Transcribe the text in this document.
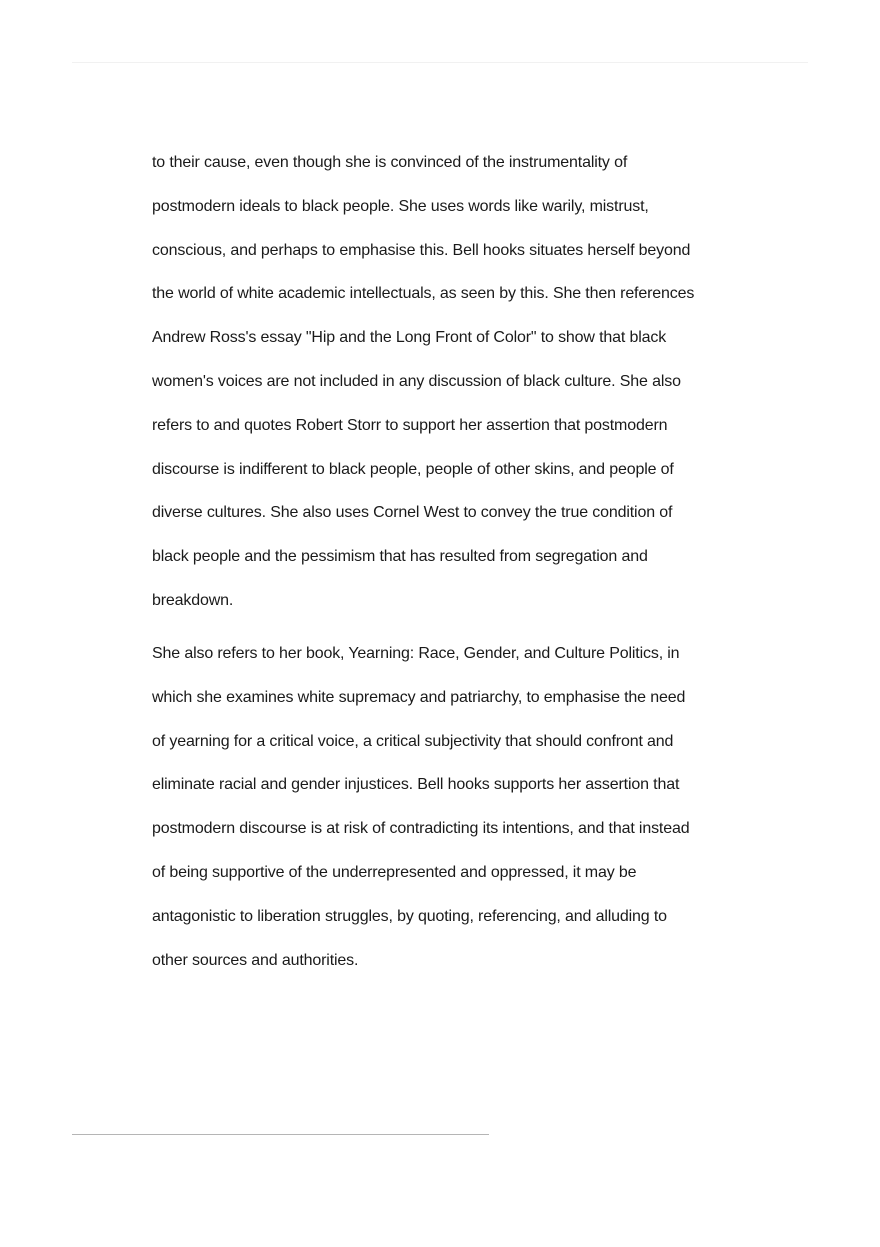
to their cause, even though she is convinced of the instrumentality of
postmodern ideals to black people. She uses words like warily, mistrust,
conscious, and perhaps to emphasise this. Bell hooks situates herself beyond
the world of white academic intellectuals, as seen by this. She then references
Andrew Ross's essay "Hip and the Long Front of Color" to show that black
women's voices are not included in any discussion of black culture. She also
refers to and quotes Robert Storr to support her assertion that postmodern
discourse is indifferent to black people, people of other skins, and people of
diverse cultures. She also uses Cornel West to convey the true condition of
black people and the pessimism that has resulted from segregation and
breakdown.
She also refers to her book, Yearning: Race, Gender, and Culture Politics, in
which she examines white supremacy and patriarchy, to emphasise the need
of yearning for a critical voice, a critical subjectivity that should confront and
eliminate racial and gender injustices. Bell hooks supports her assertion that
postmodern discourse is at risk of contradicting its intentions, and that instead
of being supportive of the underrepresented and oppressed, it may be
antagonistic to liberation struggles, by quoting, referencing, and alluding to
other sources and authorities.
